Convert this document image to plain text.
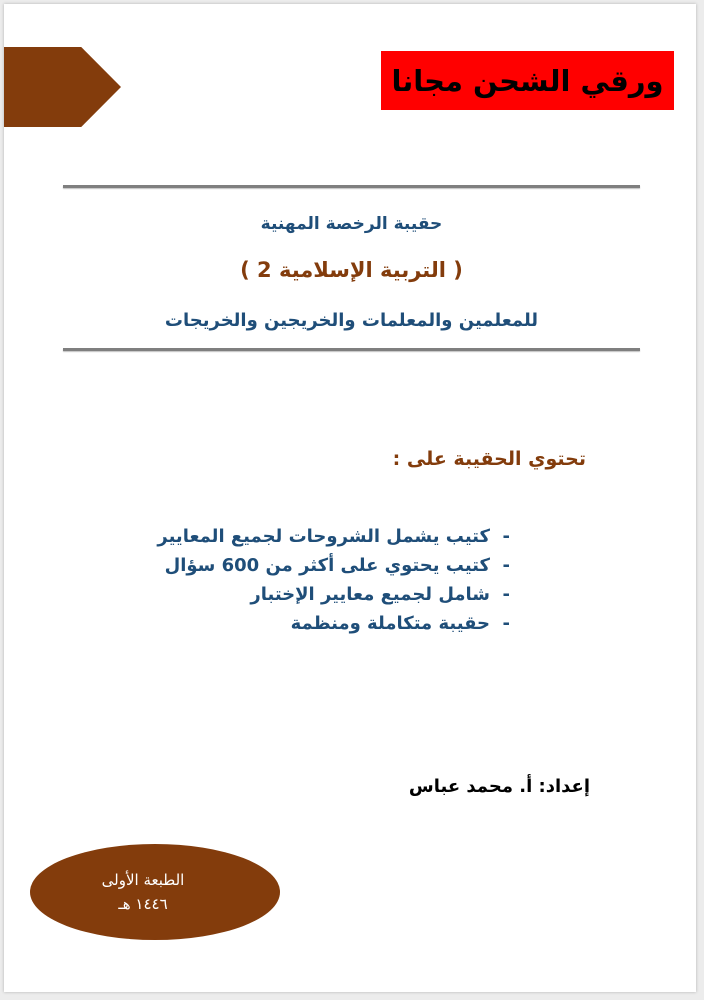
ورقي الشحن مجانا
حقيبة الرخصة المهنية
( التربية الإسلامية 2 )
للمعلمين والمعلمات والخريجين والخريجات
تحتوي الحقيبة على :
-كتيب يشمل الشروحات لجميع المعايير
-كتيب يحتوي على أكثر من 600 سؤال
-شامل لجميع معايير الإختبار
-حقيبة متكاملة ومنظمة
إعداد: أ. محمد عباس
الطبعة الأولى
١٤٤٦ هـ
